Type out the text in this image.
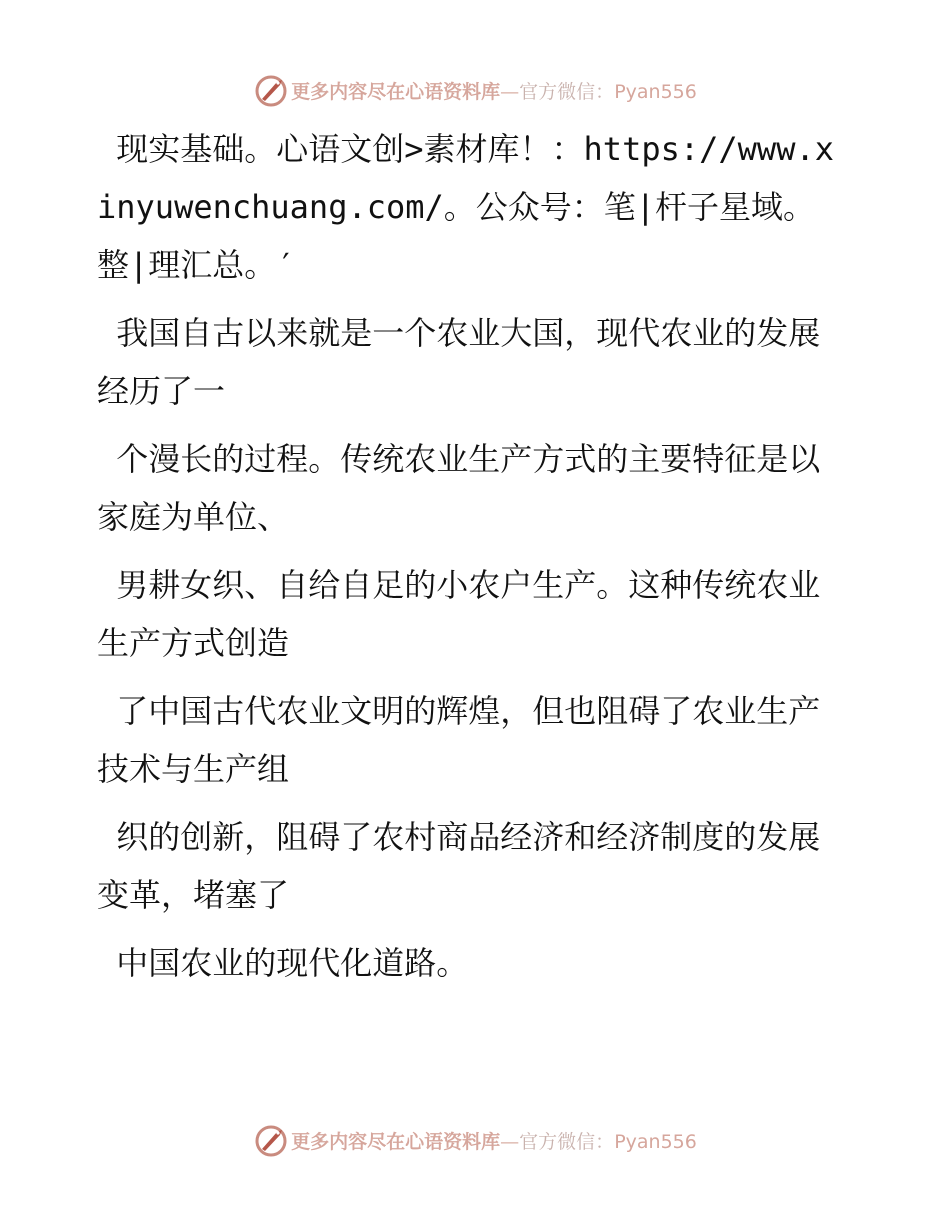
更多内容尽在心语资料库—官方微信：Pyan556

现实基础。心语文创>素材库！：https://www.xinyuwenchuang.com/。公众号：笔|杆子星域。整|理汇总。′

我国自古以来就是一个农业大国，现代农业的发展经历了一

个漫长的过程。传统农业生产方式的主要特征是以家庭为单位、

男耕女织、自给自足的小农户生产。这种传统农业生产方式创造

了中国古代农业文明的辉煌，但也阻碍了农业生产技术与生产组

织的创新，阻碍了农村商品经济和经济制度的发展变革，堵塞了

中国农业的现代化道路。

更多内容尽在心语资料库—官方微信：Pyan556
